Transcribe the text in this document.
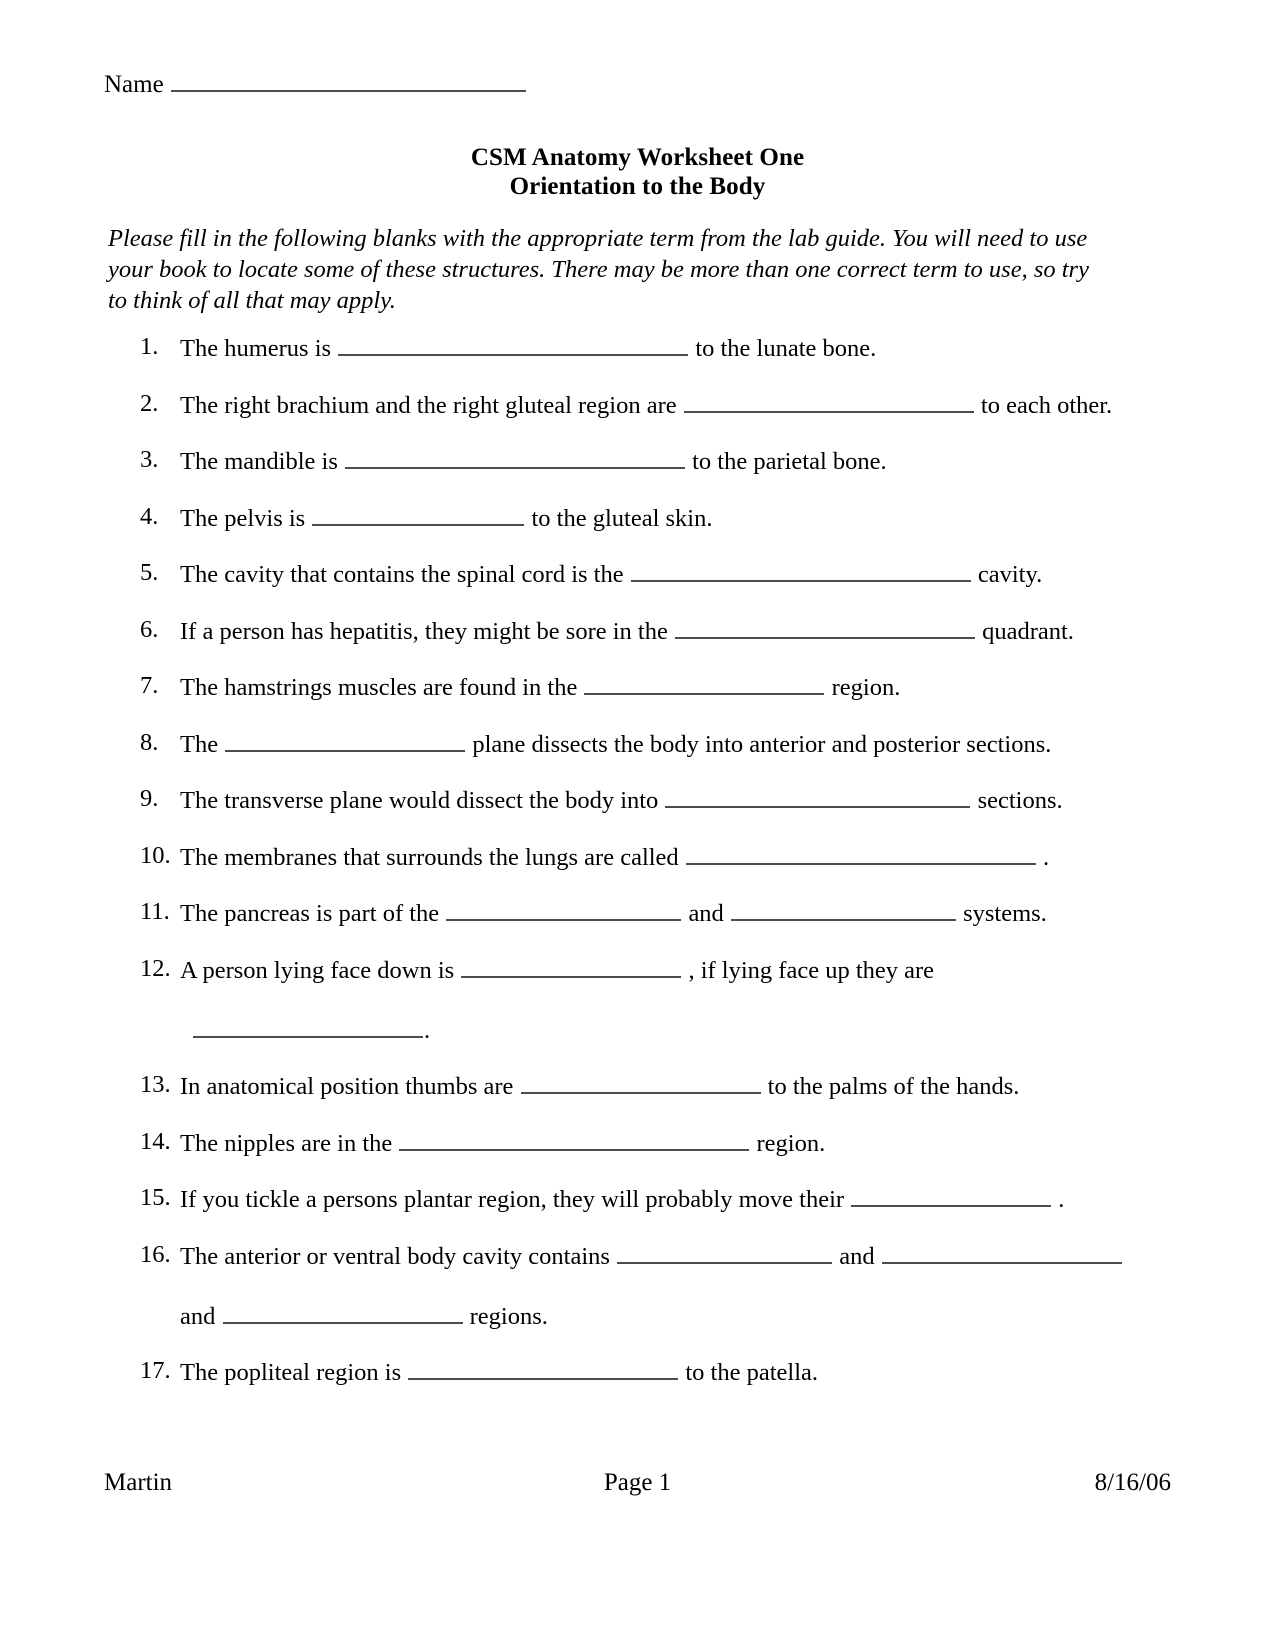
Name
CSM Anatomy Worksheet One
Orientation to the Body
Please fill in the following blanks with the appropriate term from the lab guide. You will need to use your book to locate some of these structures. There may be more than one correct term to use, so try to think of all that may apply.
1. The humerus is	to the lunate bone.
2. The right brachium and the right gluteal region are	to each other.
3. The mandible is	to the parietal bone.
4. The pelvis is	to the gluteal skin.
5. The cavity that contains the spinal cord is the	cavity.
6. If a person has hepatitis, they might be sore in the	quadrant.
7. The hamstrings muscles are found in the	region.
8. The	plane dissects the body into anterior and posterior sections.
9. The transverse plane would dissect the body into	sections.
10. The membranes that surrounds the lungs are called	.
11. The pancreas is part of the	and	systems.
12. A person lying face down is	, if lying face up they are
.
13. In anatomical position thumbs are	to the palms of the hands.
14. The nipples are in the	region.
15. If you tickle a persons plantar region, they will probably move their	.
16. The anterior or ventral body cavity contains	and
and	regions.
17. The popliteal region is	to the patella.
Martin	Page 1	8/16/06
